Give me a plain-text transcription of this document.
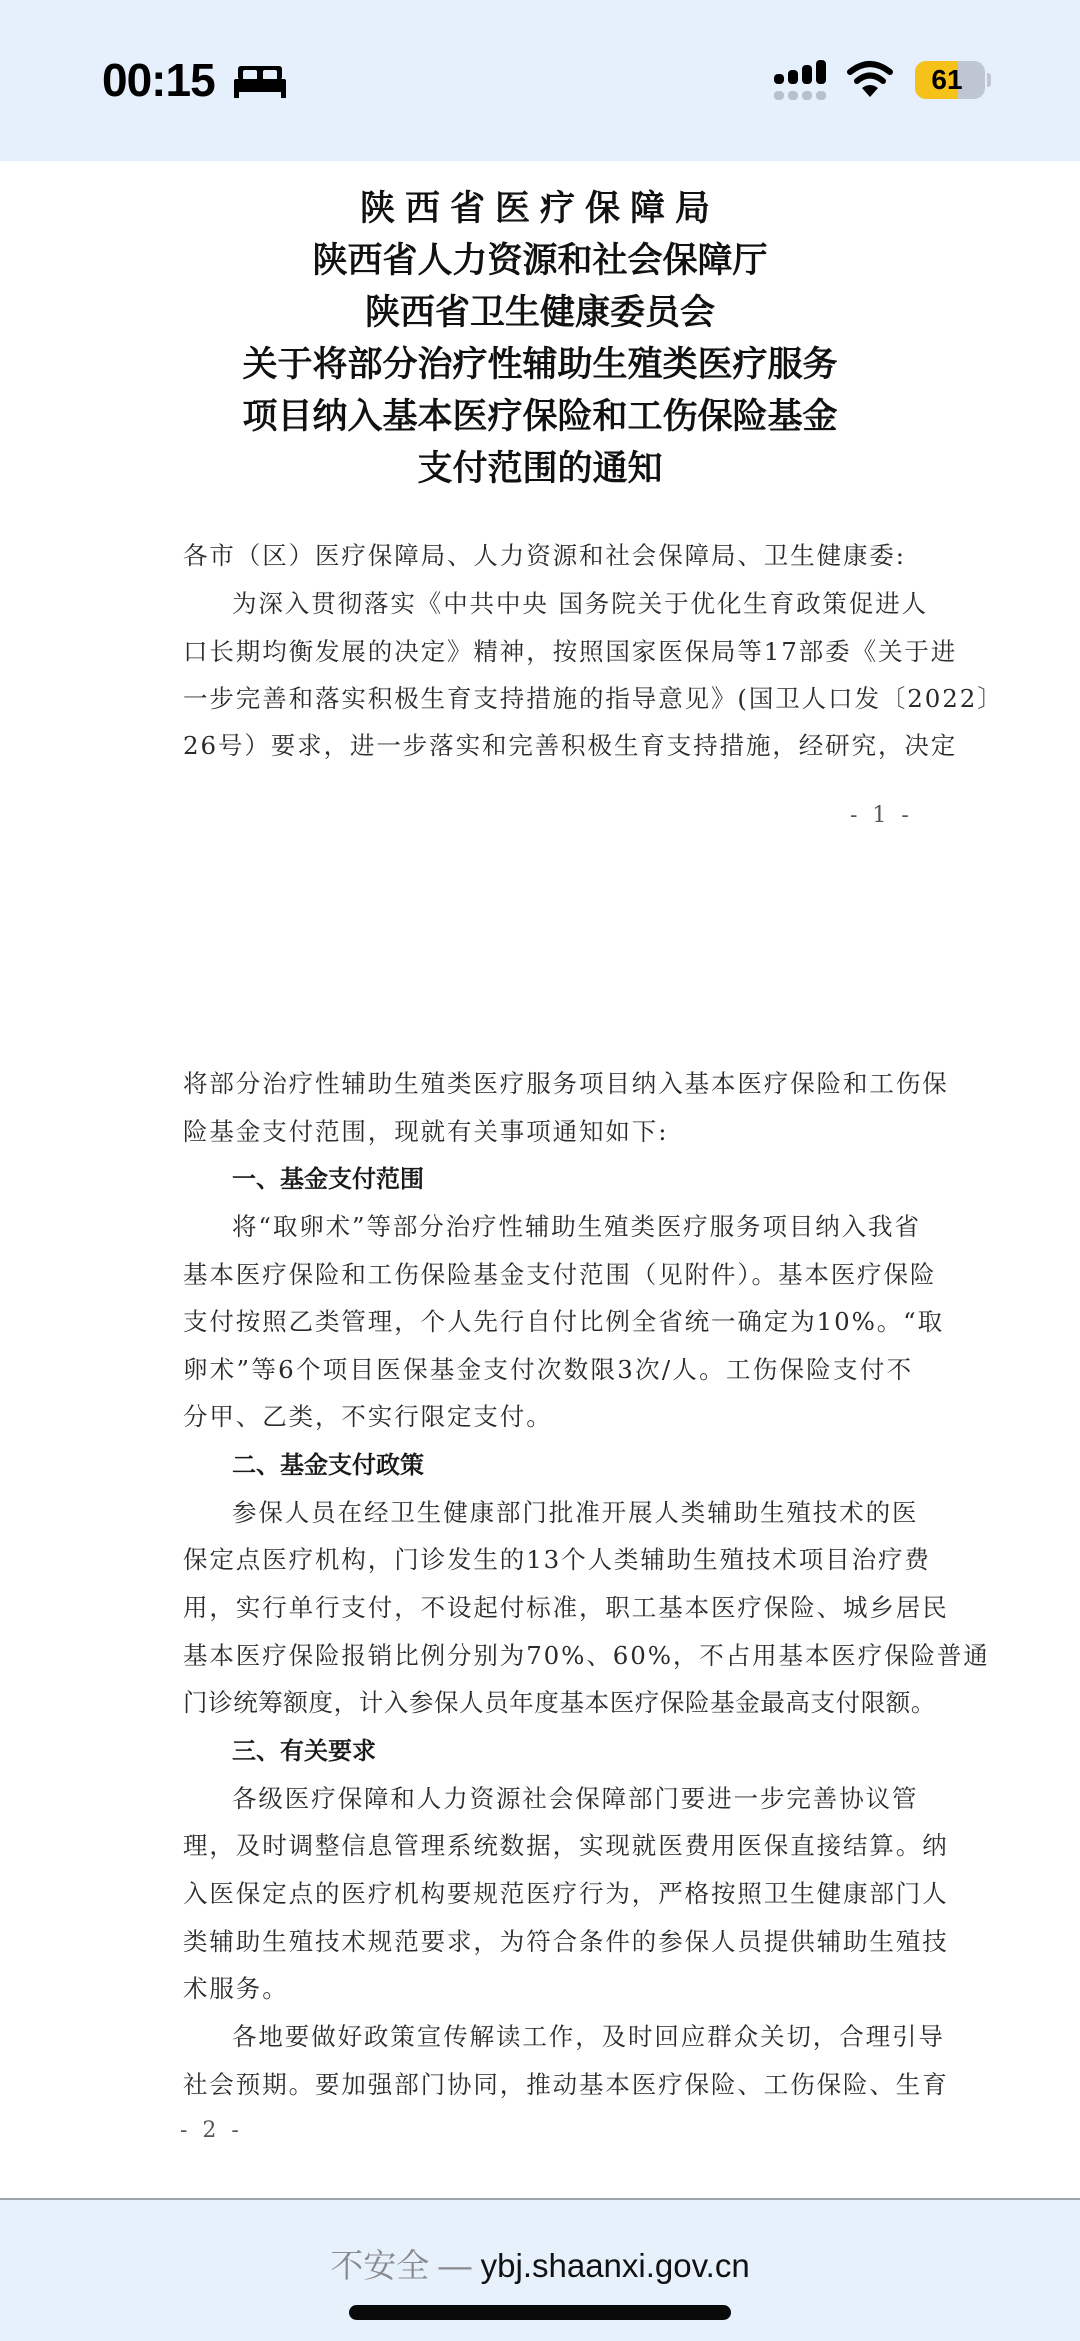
00:15	61
陕西省医疗保障局
陕西省人力资源和社会保障厅
陕西省卫生健康委员会
关于将部分治疗性辅助生殖类医疗服务
项目纳入基本医疗保险和工伤保险基金
支付范围的通知
各市（区）医疗保障局、人力资源和社会保障局、卫生健康委:
为深入贯彻落实《中共中央 国务院关于优化生育政策促进人
口长期均衡发展的决定》精神，按照国家医保局等17部委《关于进
一步完善和落实积极生育支持措施的指导意见》(国卫人口发〔2022〕
26号）要求，进一步落实和完善积极生育支持措施，经研究，决定
- 1 -
将部分治疗性辅助生殖类医疗服务项目纳入基本医疗保险和工伤保
险基金支付范围，现就有关事项通知如下:
一、基金支付范围
将“取卵术”等部分治疗性辅助生殖类医疗服务项目纳入我省
基本医疗保险和工伤保险基金支付范围（见附件）。基本医疗保险
支付按照乙类管理，个人先行自付比例全省统一确定为10%。“取
卵术”等6个项目医保基金支付次数限3次/人。工伤保险支付不
分甲、乙类，不实行限定支付。
二、基金支付政策
参保人员在经卫生健康部门批准开展人类辅助生殖技术的医
保定点医疗机构，门诊发生的13个人类辅助生殖技术项目治疗费
用，实行单行支付，不设起付标准，职工基本医疗保险、城乡居民
基本医疗保险报销比例分别为70%、60%，不占用基本医疗保险普通
门诊统筹额度，计入参保人员年度基本医疗保险基金最高支付限额。
三、有关要求
各级医疗保障和人力资源社会保障部门要进一步完善协议管
理，及时调整信息管理系统数据，实现就医费用医保直接结算。纳
入医保定点的医疗机构要规范医疗行为，严格按照卫生健康部门人
类辅助生殖技术规范要求，为符合条件的参保人员提供辅助生殖技
术服务。
各地要做好政策宣传解读工作，及时回应群众关切，合理引导
社会预期。要加强部门协同，推动基本医疗保险、工伤保险、生育
- 2 -
不安全 — ybj.shaanxi.gov.cn
